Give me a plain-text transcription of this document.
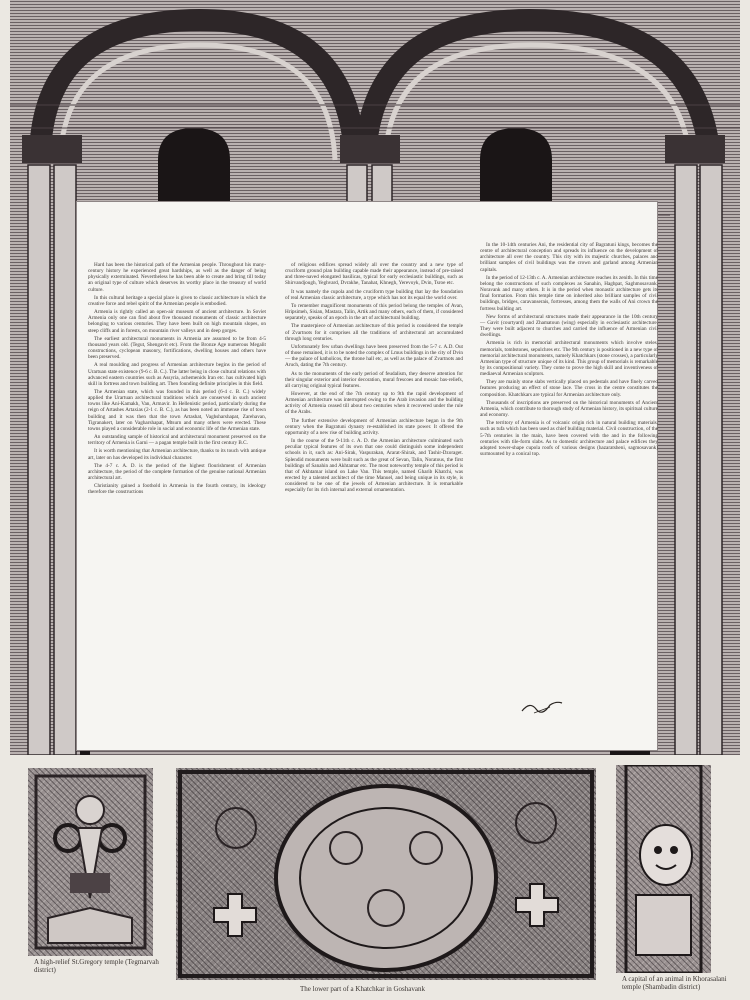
Hard has been the historical path of the Armenian people. Throughout his many-century history he experienced great hardships, as well as the danger of being physically exterminated. Nevertheless he has been able to create and bring till today an original type of culture which deserves its worthy place in the treasury of world culture.

In this cultural heritage a special place is given to classic architecture in which the creative force and rebel spirit of the Armenian people is embodied.

Armenia is rightly called an open-air museum of ancient architecture. In Soviet Armenia only one can find about five thousand monuments of classic architecture belonging to various centuries. They have been built on high mountain slopes, on steep cliffs and in forests, on mountain river valleys and in deep gorges.

The earliest architectural monuments in Armenia are assumed to be from 4-5 thousand years old. (Tegut, Shengavit etc). From the Bronze Age numerous Megalit constructions, cyclopean masonry, fortifications, dwelling houses and others have been preserved.

A real moulding and progress of Armenian architecture begins in the period of Urartuan state existence (9-6 c. B. C.). The latter being in close cultural relations with advanced eastern countries such as Assyria, achemenids Iran etc. has cultivated high skill in fortress and town building art. Then founding definite principles in this field.

The Armenian state, which was founded in this period (6-4 c. B. C.) widely applied the Urartuan architectural traditions which are conserved in such ancient towns like Ani-Kamakh, Van, Armavir. In Hellenistic period, particularly during the reign of Artashes Artaxias (2-1 c. B. C.), as has been noted an immense rise of town building and it was then that the town Artashat, Vaghsharshapat, Zarehavan, Tigranakert, later on Vagharshapat, Mtsurn and many others were erected. These towns played a considerable role in social and economic life of the Armenian state.

An outstanding sample of historical and architectural monument preserved on the territory of Armenia is Garni — a pagan temple built in the first century B.C.

It is worth mentioning that Armenian architecture, thanks to its touch with antique art, later on has developed its individual character.

The 4-7 c. A. D. is the period of the highest flourishment of Armenian architecture, the period of the complete formation of the genuine national Armenian architectural art.

Christianity gained a foothold in Armenia in the fourth century, its ideology therefore the constructions

of religious edifices spread widely all over the country and a new type of cruciform ground plan building capable made their appearance, instead of pre-raised and three-naved elongated basilicas, typical for early ecclesiastic buildings, such as Shirvandjough, Yeghvard, Dvrakhe, Tanahat, Khnegh, Yerevoyk, Dvin, Tsroe etc.

It was namely the cupola and the cruciform type building that lay the foundation of real Armenian classic architecture, a type which has not its equal the world over.

To remember magnificent monuments of this period belong the temples of Avan, Hripsimeh, Sisian, Mastara, Talin, Artik and many others, each of them, if considered separately, speaks of an epoch in the art of architectural building.

The masterpiece of Armenian architecture of this period is considered the temple of Zvartnots for it comprises all the traditions of architectural art accumulated through long centuries.

Unfortunately few urban dwellings have been preserved from the 5-7 c. A.D. Out of those remained, it is to be noted the complex of Lmus buildings in the city of Dvin — the palace of katholicos, the throne hall etc, as well as the palace of Zvartnots and Aruch, dating the 7th century.

As to the monuments of the early period of feudalism, they deserve attention for their singular exterior and interior decoration, mural frescoes and mosaic bas-reliefs, all carrying original typical features.

However, at the end of the 7th century up to 9th the rapid development of Armenian architecture was interrupted owing to the Arab invasion and the building activity of Armenia ceased till about two centuries when it recovered under the rule of the Arabs.

The further extensive development of Armenian architecture began in the 9th century when the Bagratuni dynasty re-established its state power. It offered the opportunity of a new rise of building activity.

In the course of the 9-11th c. A. D. the Armenian architecture culminated such peculiar typical features of its own that one could distinguish some independent schools in it, such as: Ani-Sirak, Vaspurakan, Ararat-Shirak, and Tashir-Dzoraget. Splendid monuments were built such as the great of Sevan, Talin, Noratous, the first buildings of Sanahin and Akhtamar etc. The most noteworthy temple of this period is that of Akhtamar island on Lake Van. This temple, named Gharib Khatchi, was erected by a talented architect of the time Manuel, and being unique in its style, is considered to be one of the jewels of Armenian architecture. It is remarkable especially for its rich internal and external ornamentation.

In the 10-14th centuries Ani, the residential city of Bagratuni kings, becomes the centre of architectural conception and spreads its influence on the development of architecture all over the country. This city with its majestic churches, palaces and brilliant samples of civil buildings was the crown and garland among Armenian capitals.

In the period of 12-13th c. A. Armenian architecture reaches its zenith. In this time belong the constructions of such complexes as Sanahin, Haghpat, Saghmosavank, Noravank and many others. It is in the period when monastic architecture gets its final formation. From this temple time on inherited also brilliant samples of civil buildings, bridges, caravanserais, fortresses, among them the walls of Ani crown the fortress building art.

New forms of architectural structures made their appearance in the 10th century — Gavit (courtyard) and Zhamatoun (wing) especially in ecclesiastic architecture. They were built adjacent to churches and carried the influence of Armenian civil dwellings.

Armenia is rich in memorial architectural monuments which involve steles, memorials, tombstones, sepulchres etc. The 9th century is positioned in a new type of memorial architectural monuments, namely Khatchkars (stone crosses), a particularly Armenian type of structure unique of its kind. This group of memorials is remarkable by its compositional variety. They come to prove the high skill and inventiveness of mediaeval Armenian sculptors.

They are mainly stone slabs vertically placed on pedestals and have finely carved features producing an effect of stone lace. The cross in the centre constitutes the composition. Khatchkars are typical for Armenian architecture only.

Thousands of inscriptions are preserved on the historical monuments of Ancient Armenia, which contribute to thorough study of Armenian history, its spiritual culture and economy.

The territory of Armenia is of volcanic origin rich in natural building materials, such as tufa which has been used as chief building material. Civil construction, of the 5-7th centuries in the main, have been covered with the and in the following centuries with tile-form slabs. As to domestic architecture and palace edifices they adopted tower-shape cupola roofs of various designs (hazaratsheni, sagmosavank) surmounted by a conical top.

A high-relief St.Gregory temple (Tegmarvah district)
The lower part of a Khatchkar in Goshavank
A capital of an animal in Khorasalani temple (Shambadin district)
